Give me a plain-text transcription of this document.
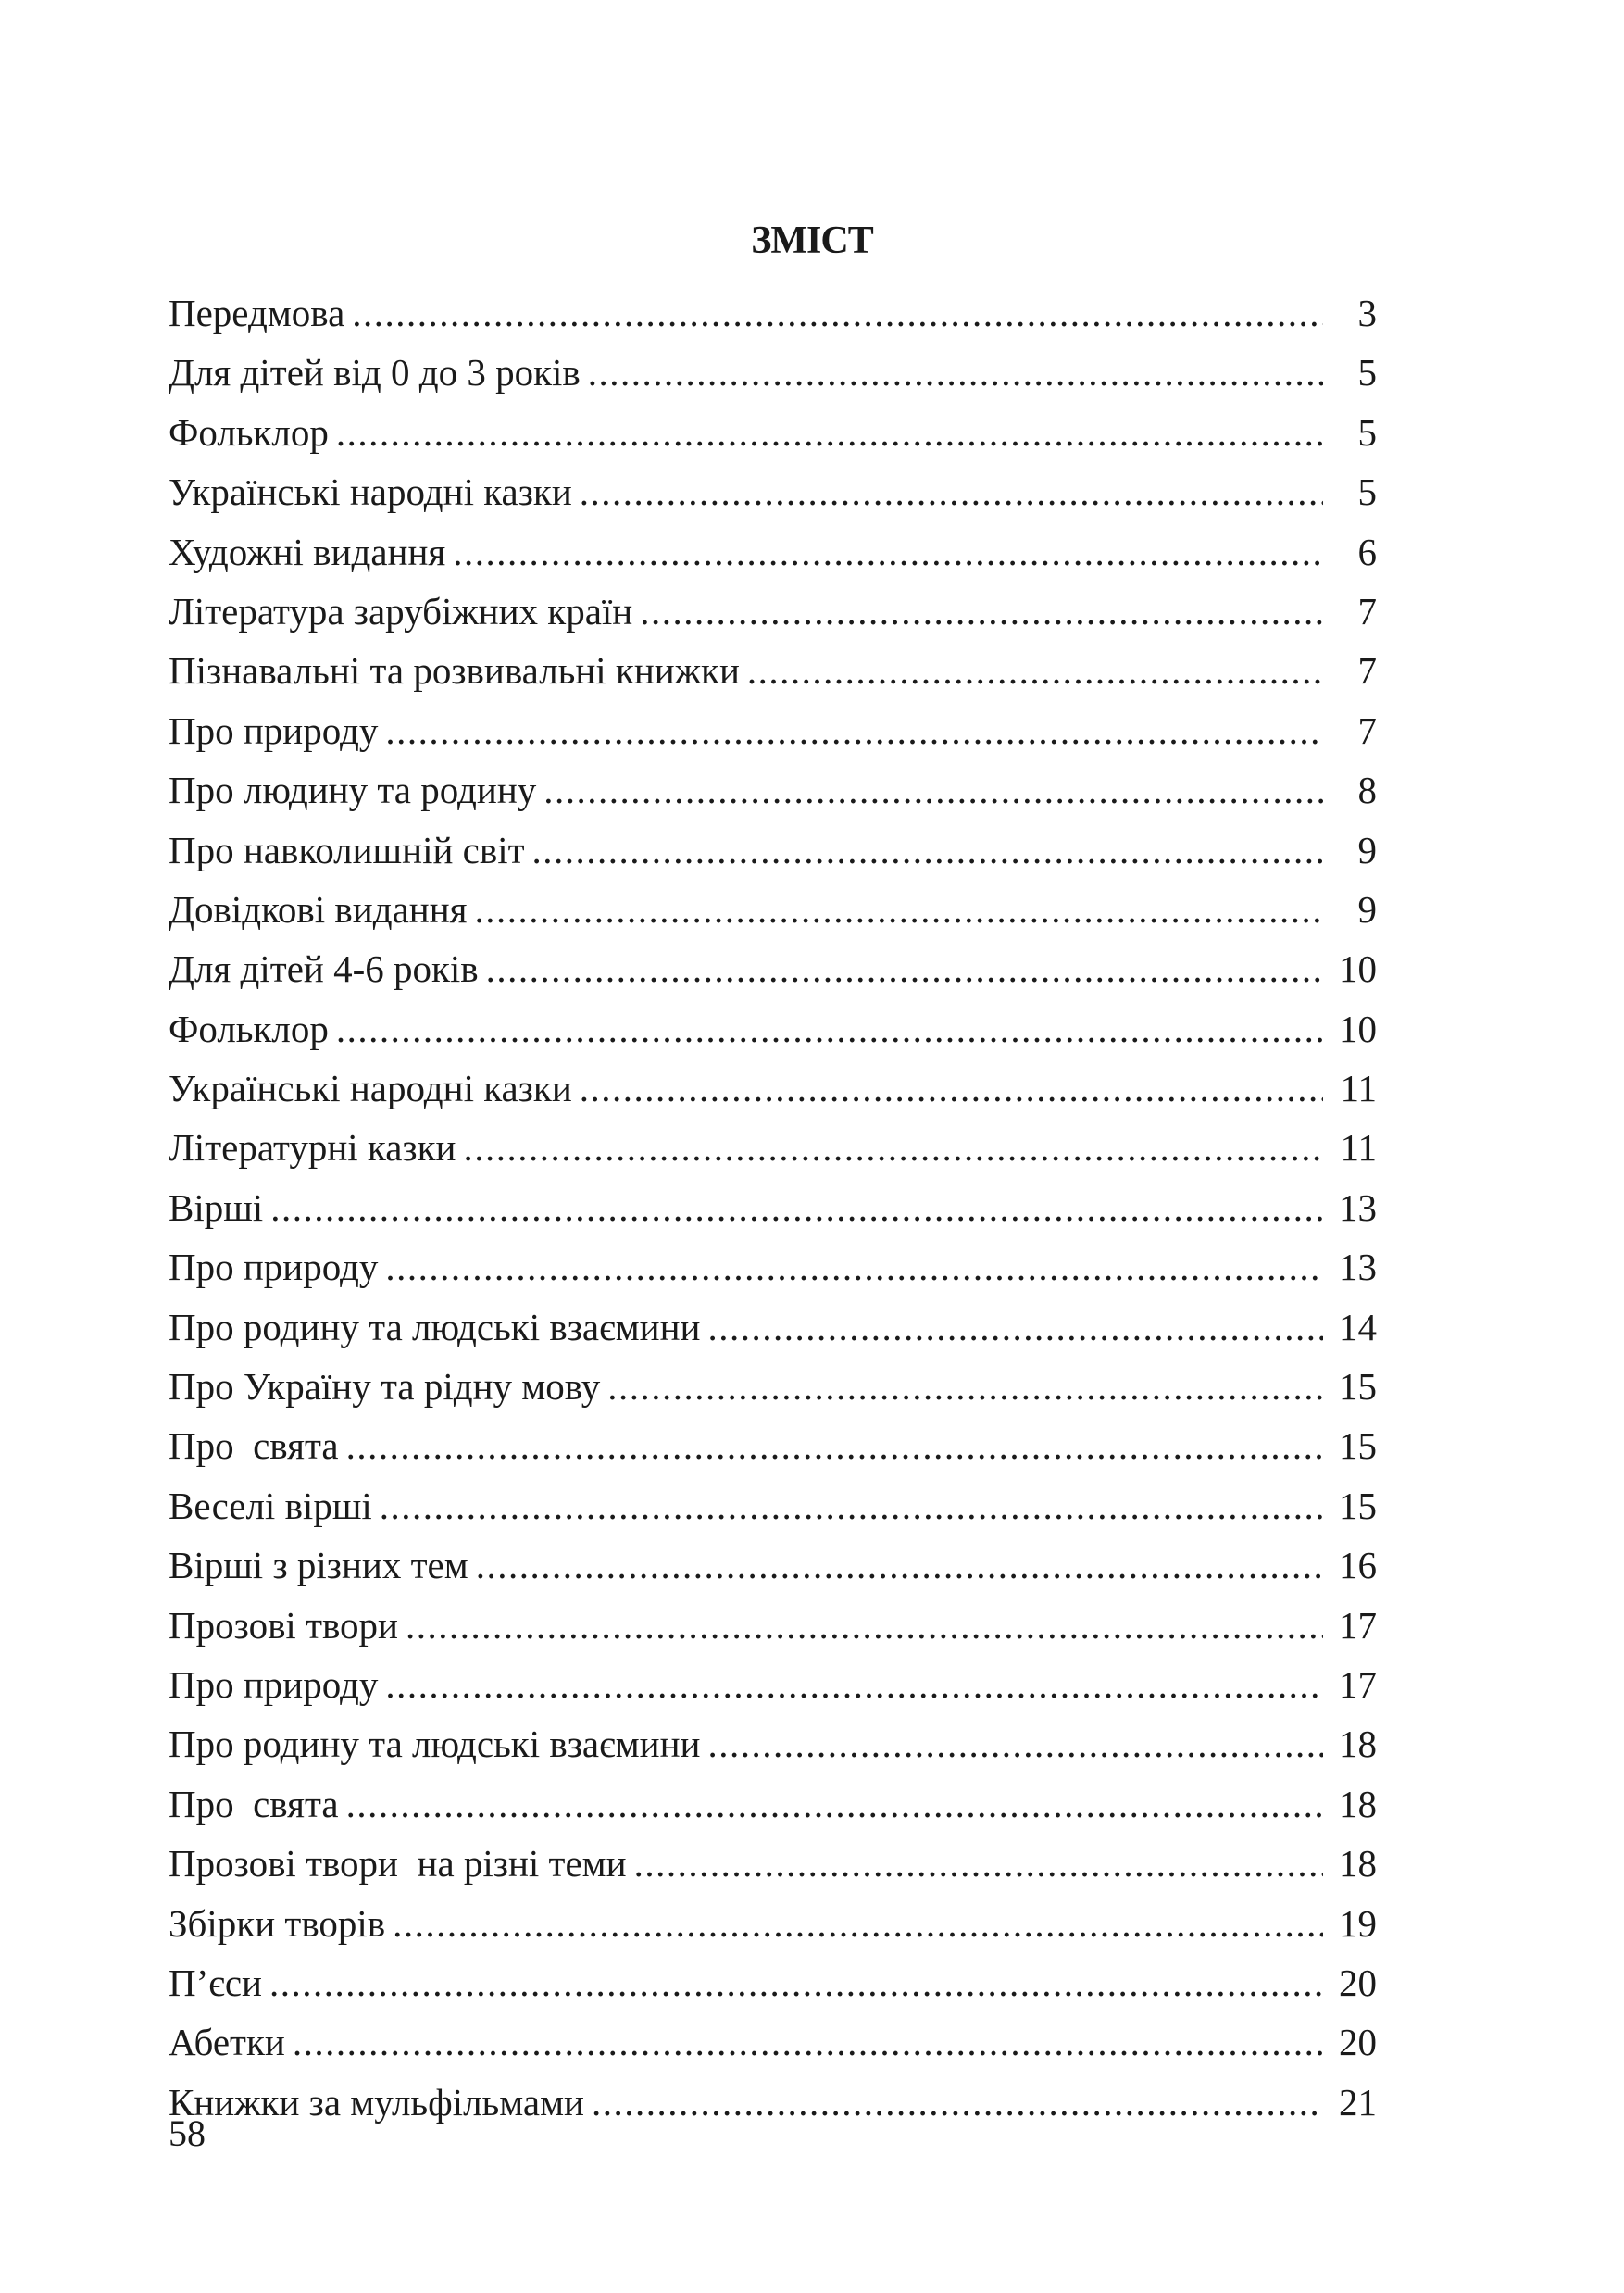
ЗМІСТ
Передмова .....	3
Для дітей від 0 до 3 років .....	5
Фольклор .....	5
Українські народні казки .....	5
Художні видання .....	6
Література зарубіжних країн .....	7
Пізнавальні та розвивальні книжки .....	7
Про природу .....	7
Про людину та родину .....	8
Про навколишній світ .....	9
Довідкові видання .....	9
Для дітей 4-6 років .....	10
Фольклор .....	10
Українські народні казки .....	11
Літературні казки .....	11
Вірші .....	13
Про природу .....	13
Про родину та людські взаємини .....	14
Про Україну та рідну мову .....	15
Про  свята .....	15
Веселі вірші .....	15
Вірші з різних тем .....	16
Прозові твори .....	17
Про природу .....	17
Про родину та людські взаємини .....	18
Про  свята .....	18
Прозові твори  на різні теми .....	18
Збірки творів .....	19
П’єси .....	20
Абетки .....	20
Книжки за мульфільмами .....	21
58
